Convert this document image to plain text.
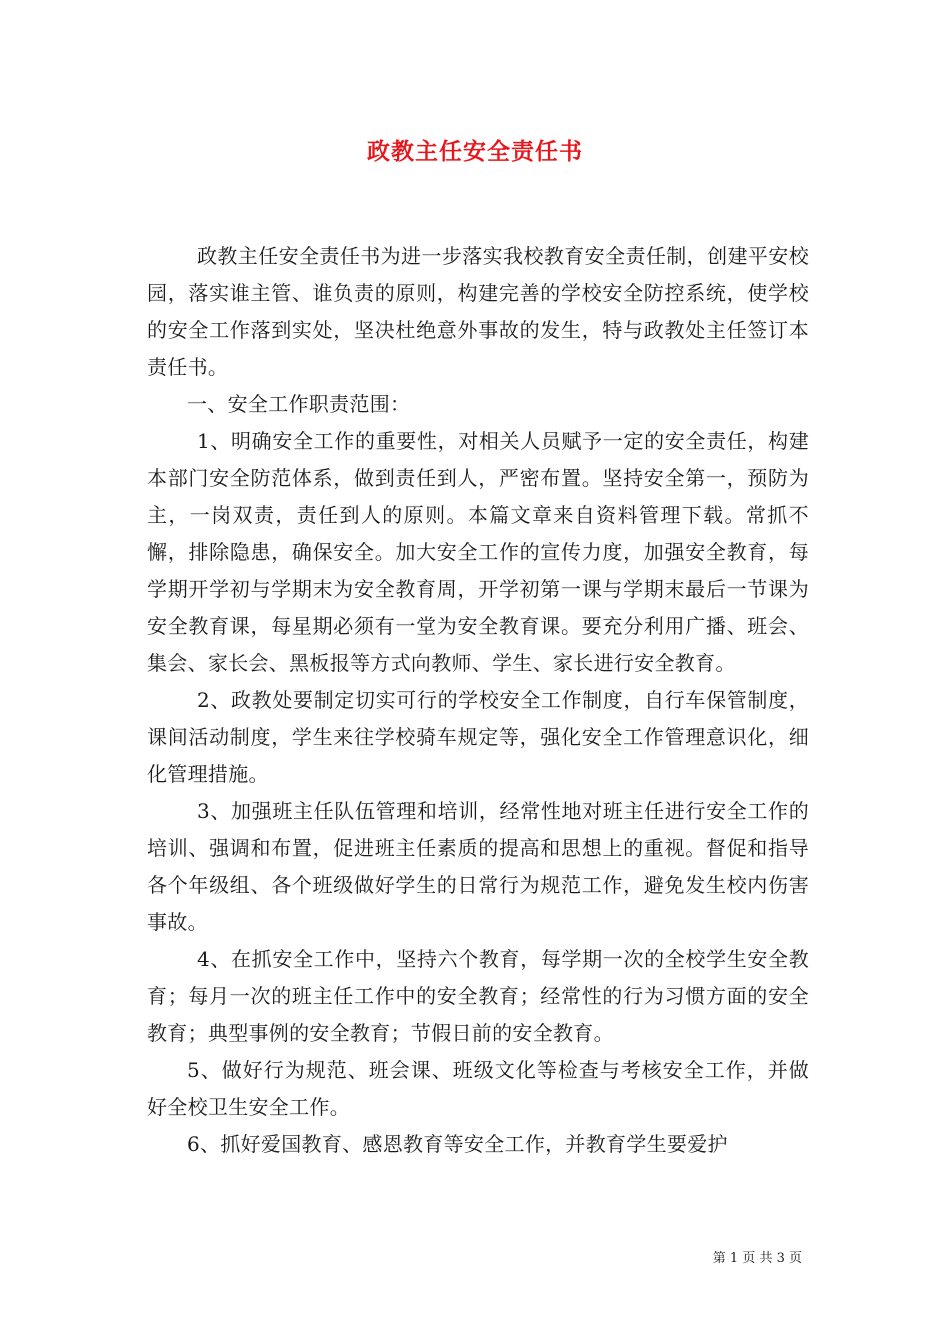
政教主任安全责任书

政教主任安全责任书为进一步落实我校教育安全责任制，创建平安校园，落实谁主管、谁负责的原则，构建完善的学校安全防控系统，使学校的安全工作落到实处，坚决杜绝意外事故的发生，特与政教处主任签订本责任书。

一、安全工作职责范围：

1、明确安全工作的重要性，对相关人员赋予一定的安全责任，构建本部门安全防范体系，做到责任到人，严密布置。坚持安全第一，预防为主，一岗双责，责任到人的原则。本篇文章来自资料管理下载。常抓不懈，排除隐患，确保安全。加大安全工作的宣传力度，加强安全教育，每学期开学初与学期末为安全教育周，开学初第一课与学期末最后一节课为安全教育课，每星期必须有一堂为安全教育课。要充分利用广播、班会、集会、家长会、黑板报等方式向教师、学生、家长进行安全教育。

2、政教处要制定切实可行的学校安全工作制度，自行车保管制度，课间活动制度，学生来往学校骑车规定等，强化安全工作管理意识化，细化管理措施。

3、加强班主任队伍管理和培训，经常性地对班主任进行安全工作的培训、强调和布置，促进班主任素质的提高和思想上的重视。督促和指导各个年级组、各个班级做好学生的日常行为规范工作，避免发生校内伤害事故。

4、在抓安全工作中，坚持六个教育，每学期一次的全校学生安全教育；每月一次的班主任工作中的安全教育；经常性的行为习惯方面的安全教育；典型事例的安全教育；节假日前的安全教育。

5、做好行为规范、班会课、班级文化等检查与考核安全工作，并做好全校卫生安全工作。

6、抓好爱国教育、感恩教育等安全工作，并教育学生要爱护

第 1 页 共 3 页
